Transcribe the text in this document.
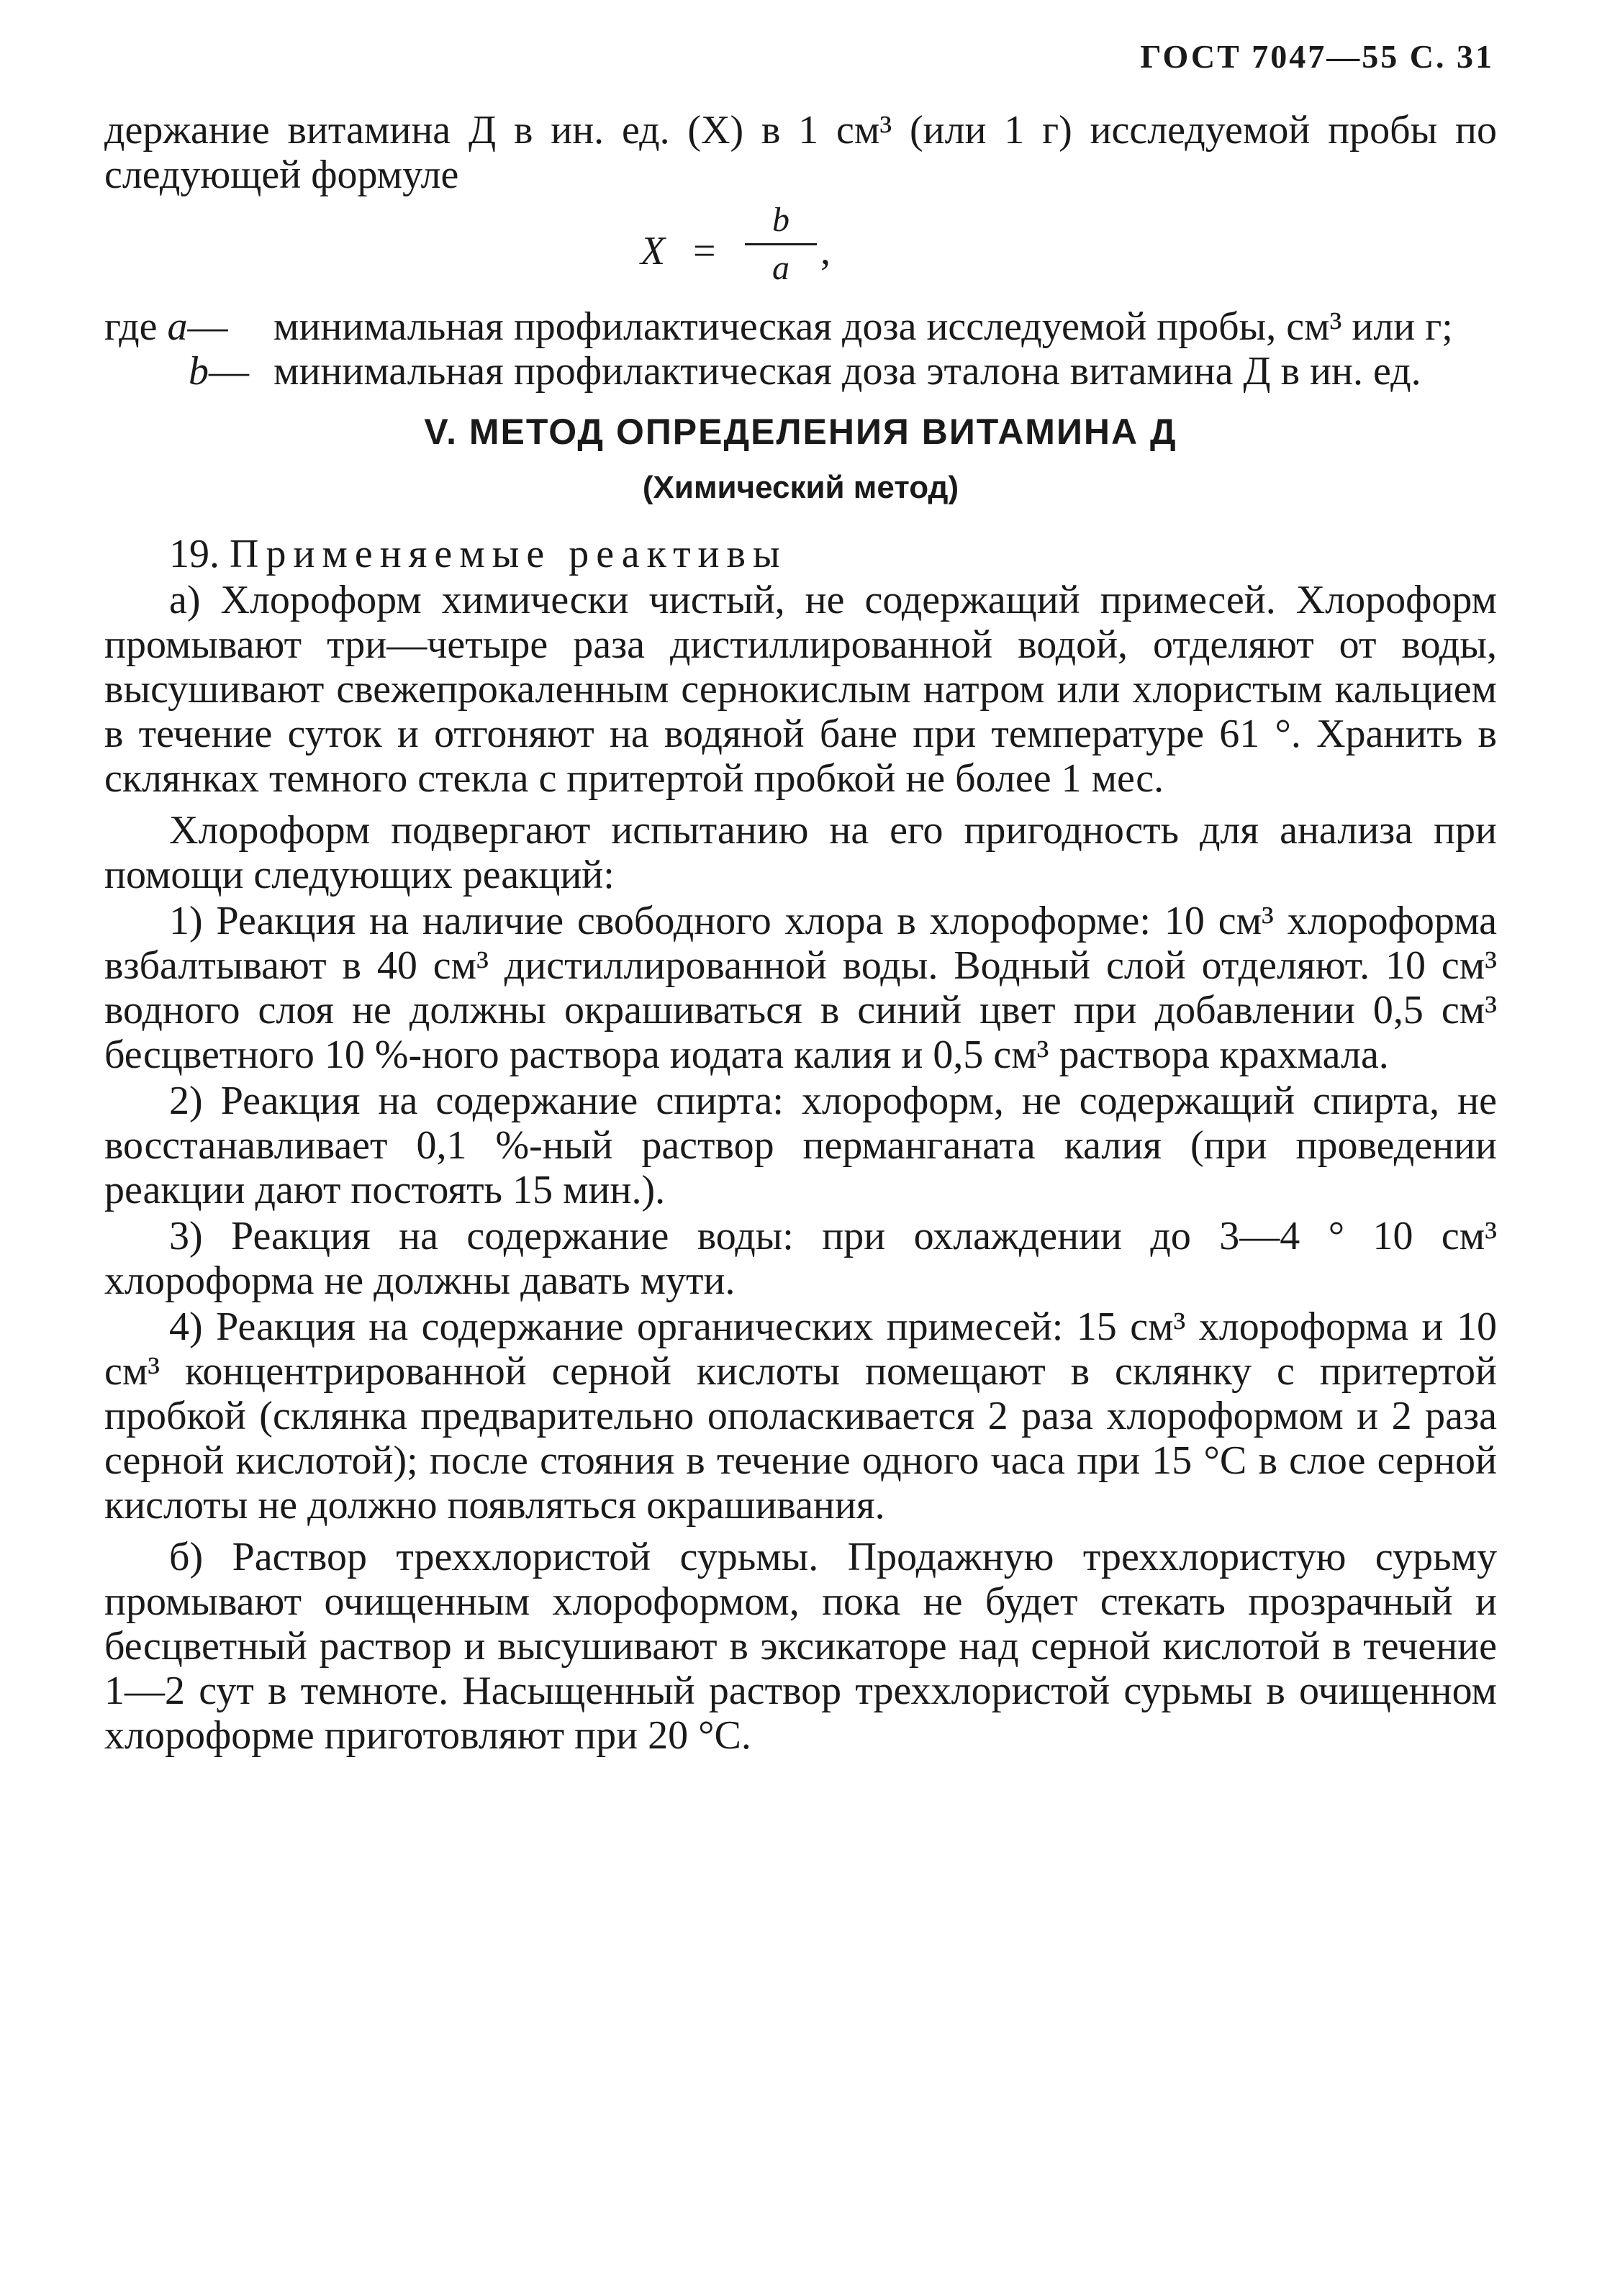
ГОСТ 7047—55 С. 31

держание витамина Д в ин. ед. (X) в 1 см³ (или 1 г) исследуемой пробы по следующей формуле

X =
b
a ,
где a— минимальная профилактическая доза исследуемой пробы, см³ или г;
b— минимальная профилактическая доза эталона витамина Д в ин. ед.
V. МЕТОД ОПРЕДЕЛЕНИЯ ВИТАМИНА Д
(Химический метод)

19. Применяемые реактивы

а) Хлороформ химически чистый, не содержащий примесей. Хлороформ промывают три—четыре раза дистиллированной водой, отделяют от воды, высушивают свежепрокаленным сернокислым натром или хлористым кальцием в течение суток и отгоняют на водяной бане при температуре 61 °. Хранить в склянках темного стекла с притертой пробкой не более 1 мес.

Хлороформ подвергают испытанию на его пригодность для анализа при помощи следующих реакций:

1) Реакция на наличие свободного хлора в хлороформе: 10 см³ хлороформа взбалтывают в 40 см³ дистиллированной воды. Водный слой отделяют. 10 см³ водного слоя не должны окрашиваться в синий цвет при добавлении 0,5 см³ бесцветного 10 %-ного раствора иодата калия и 0,5 см³ раствора крахмала.

2) Реакция на содержание спирта: хлороформ, не содержащий спирта, не восстанавливает 0,1 %-ный раствор перманганата калия (при проведении реакции дают постоять 15 мин.).

3) Реакция на содержание воды: при охлаждении до 3—4 ° 10 см³ хлороформа не должны давать мути.

4) Реакция на содержание органических примесей: 15 см³ хлороформа и 10 см³ концентрированной серной кислоты помещают в склянку с притертой пробкой (склянка предварительно ополаскивается 2 раза хлороформом и 2 раза серной кислотой); после стояния в течение одного часа при 15 °С в слое серной кислоты не должно появляться окрашивания.

б) Раствор треххлористой сурьмы. Продажную треххлористую сурьму промывают очищенным хлороформом, пока не будет стекать прозрачный и бесцветный раствор и высушивают в эксикаторе над серной кислотой в течение 1—2 сут в темноте. Насыщенный раствор треххлористой сурьмы в очищенном хлороформе приготовляют при 20 °С.
